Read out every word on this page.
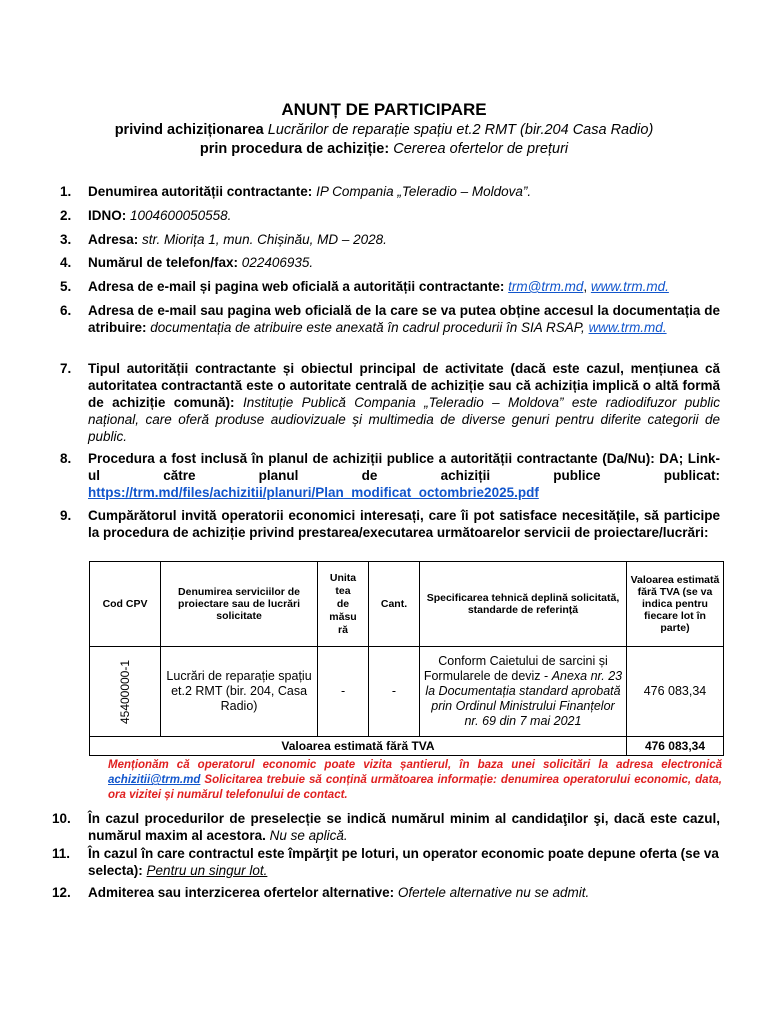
ANUNȚ DE PARTICIPARE
privind achiziționarea Lucrărilor de reparație spațiu et.2 RMT (bir.204 Casa Radio)
prin procedura de achiziție: Cererea ofertelor de prețuri
1. Denumirea autorității contractante: IP Compania „Teleradio – Moldova”.
2. IDNO: 1004600050558.
3. Adresa: str. Miorița 1, mun. Chișinău, MD – 2028.
4. Numărul de telefon/fax: 022406935.
5. Adresa de e-mail și pagina web oficială a autorității contractante: trm@trm.md, www.trm.md.
6. Adresa de e-mail sau pagina web oficială de la care se va putea obține accesul la documentația de atribuire: documentația de atribuire este anexată în cadrul procedurii în SIA RSAP, www.trm.md.
7. Tipul autorității contractante și obiectul principal de activitate (dacă este cazul, mențiunea că autoritatea contractantă este o autoritate centrală de achiziție sau că achiziția implică o altă formă de achiziție comună): Instituție Publică Compania „Teleradio – Moldova” este radiodifuzor public național, care oferă produse audiovizuale și multimedia de diverse genuri pentru diferite categorii de public.
8. Procedura a fost inclusă în planul de achiziții publice a autorității contractante (Da/Nu): DA; Link-ul către planul de achiziții publice publicat: https://trm.md/files/achizitii/planuri/Plan_modificat_octombrie2025.pdf
9. Cumpărătorul invită operatorii economici interesați, care îi pot satisface necesitățile, să participe la procedura de achiziție privind prestarea/executarea următoarelor servicii de proiectare/lucrări:
Cod CPV	Denumirea serviciilor de proiectare sau de lucrări solicitate	Unita
tea
de
măsu
ră	Cant.	Specificarea tehnică deplină solicitată, standarde de referință	Valoarea estimată fără TVA (se va indica pentru fiecare lot în parte)
45400000-1	Lucrări de reparație spațiu et.2 RMT (bir. 204, Casa Radio)	-	-	Conform Caietului de sarcini și Formularele de deviz - Anexa nr. 23 la Documentația standard aprobată prin Ordinul Ministrului Finanțelor nr. 69 din 7 mai 2021	476 083,34
Valoarea estimată fără TVA					476 083,34
Menționăm că operatorul economic poate vizita șantierul, în baza unei solicitări la adresa electronică achizitii@trm.md Solicitarea trebuie să conțină următoarea informație: denumirea operatorului economic, data, ora vizitei și numărul telefonului de contact.
10. În cazul procedurilor de preselecție se indică numărul minim al candidaţilor şi, dacă este cazul, numărul maxim al acestora. Nu se aplică.
11. În cazul în care contractul este împărţit pe loturi, un operator economic poate depune oferta (se va selecta): Pentru un singur lot.
12. Admiterea sau interzicerea ofertelor alternative: Ofertele alternative nu se admit.
